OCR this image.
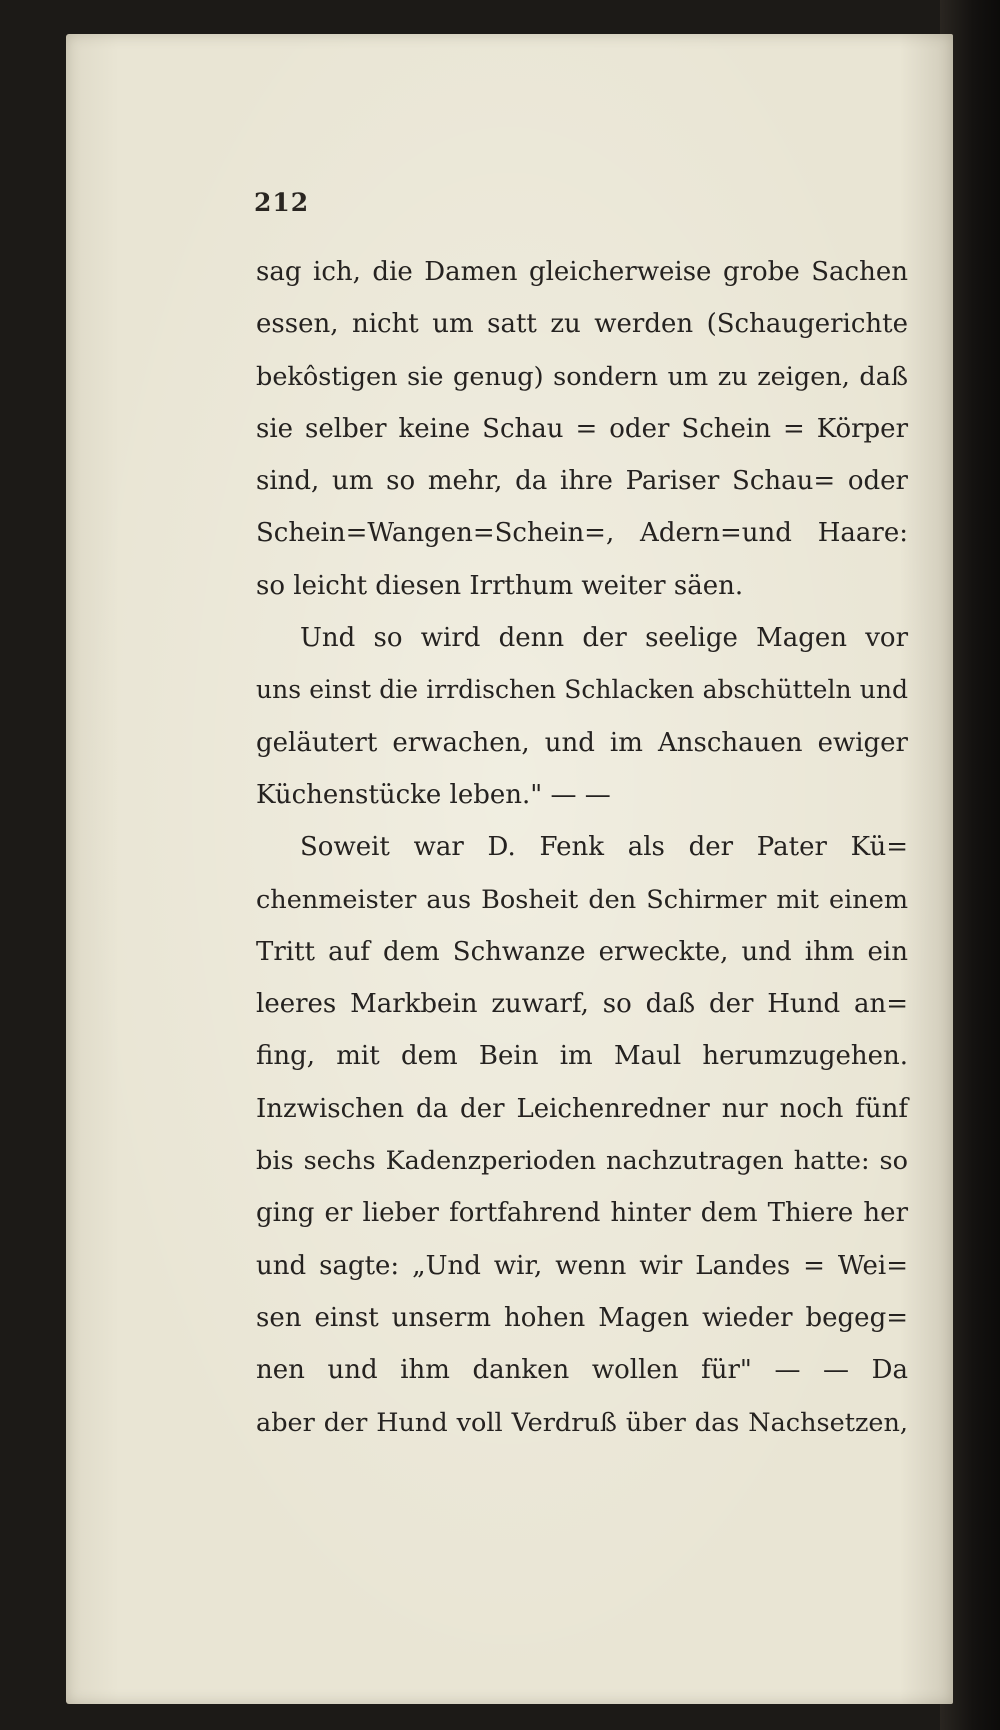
212
sag ich, die Damen gleicherweise grobe Sachen
essen, nicht um satt zu werden (Schaugerichte
bekôstigen sie genug) sondern um zu zeigen, daß
sie selber keine Schau = oder Schein = Körper
sind, um so mehr, da ihre Pariser Schau= oder
Schein=Wangen=Schein=, Adern=und Haare:
so leicht diesen Irrthum weiter säen.
Und so wird denn der seelige Magen vor
uns einst die irrdischen Schlacken abschütteln und
geläutert erwachen, und im Anschauen ewiger
Küchenstücke leben." — —
Soweit war D. Fenk als der Pater Kü=
chenmeister aus Bosheit den Schirmer mit einem
Tritt auf dem Schwanze erweckte, und ihm ein
leeres Markbein zuwarf, so daß der Hund an=
fing, mit dem Bein im Maul herumzugehen.
Inzwischen da der Leichenredner nur noch fünf
bis sechs Kadenzperioden nachzutragen hatte: so
ging er lieber fortfahrend hinter dem Thiere her
und sagte: „Und wir, wenn wir Landes = Wei=
sen einst unserm hohen Magen wieder begeg=
nen und ihm danken wollen für" — — Da
aber der Hund voll Verdruß über das Nachsetzen,
